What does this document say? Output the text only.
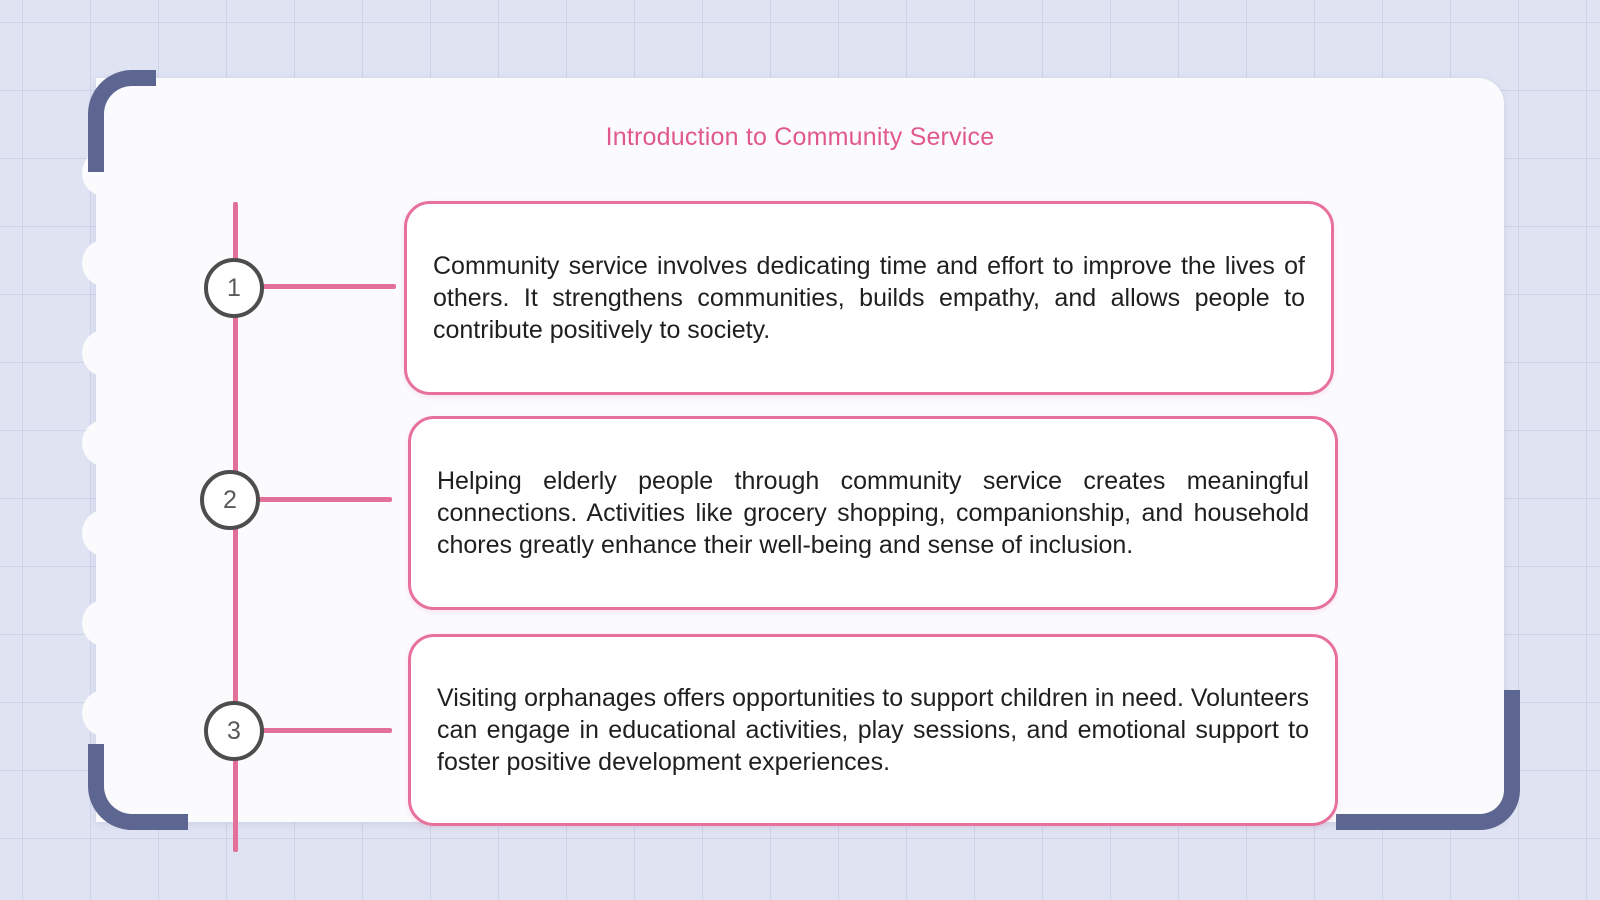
Introduction to Community Service
1
2
3
Community service involves dedicating time and effort to improve the lives of others. It strengthens communities, builds empathy, and allows people to contribute positively to society.
Helping elderly people through community service creates meaningful connections. Activities like grocery shopping, companionship, and household chores greatly enhance their well-being and sense of inclusion.
Visiting orphanages offers opportunities to support children in need. Volunteers can engage in educational activities, play sessions, and emotional support to foster positive development experiences.
